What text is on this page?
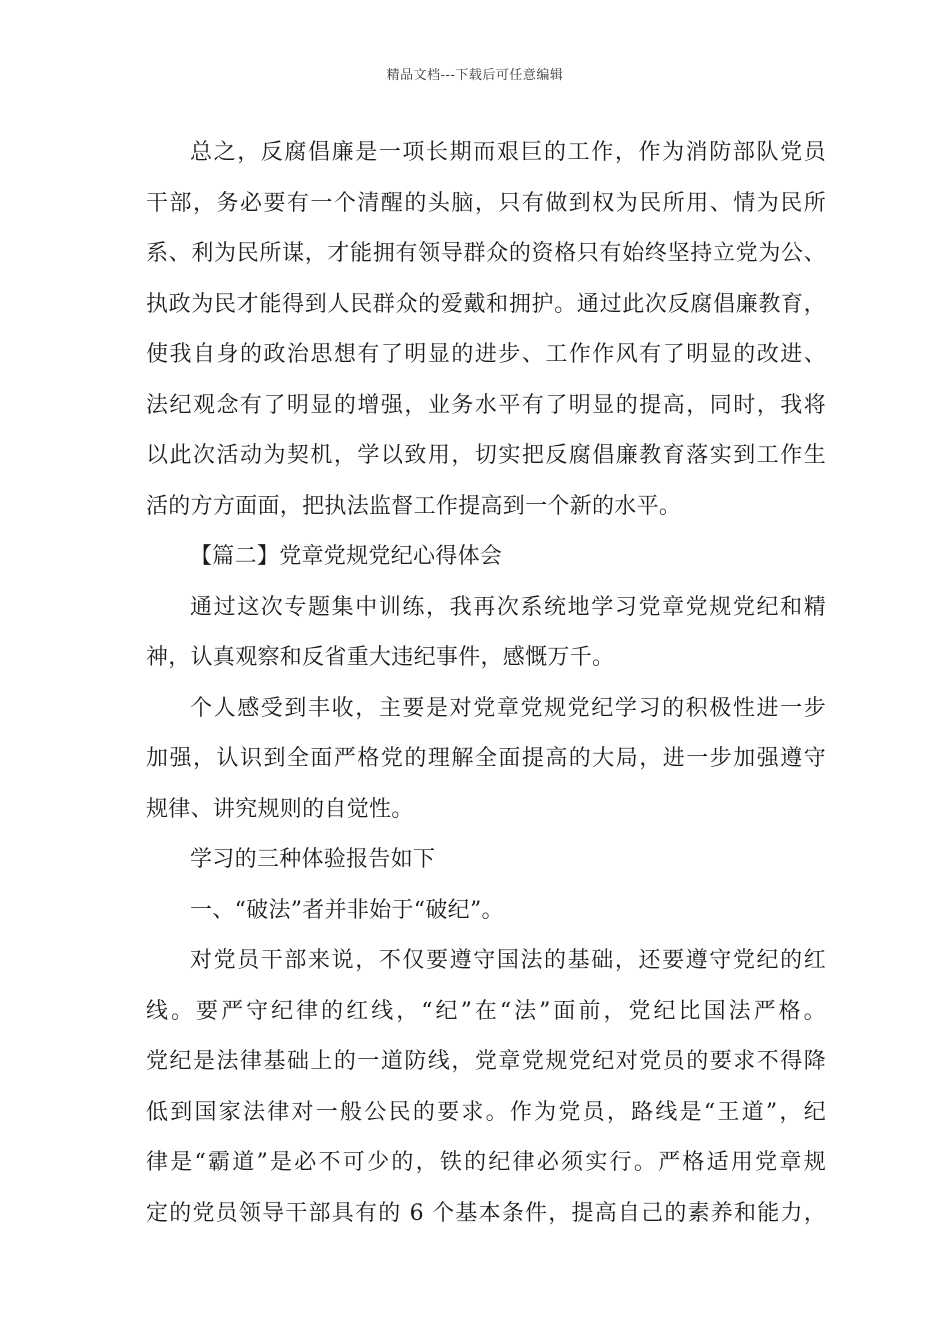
精品文档---下载后可任意编辑
总之，反腐倡廉是一项长期而艰巨的工作，作为消防部队党员
干部，务必要有一个清醒的头脑，只有做到权为民所用、情为民所
系、利为民所谋，才能拥有领导群众的资格只有始终坚持立党为公、
执政为民才能得到人民群众的爱戴和拥护。通过此次反腐倡廉教育，
使我自身的政治思想有了明显的进步、工作作风有了明显的改进、
法纪观念有了明显的增强，业务水平有了明显的提高，同时，我将
以此次活动为契机，学以致用，切实把反腐倡廉教育落实到工作生
活的方方面面，把执法监督工作提高到一个新的水平。
【篇二】党章党规党纪心得体会
通过这次专题集中训练，我再次系统地学习党章党规党纪和精
神，认真观察和反省重大违纪事件，感慨万千。
个人感受到丰收，主要是对党章党规党纪学习的积极性进一步
加强，认识到全面严格党的理解全面提高的大局，进一步加强遵守
规律、讲究规则的自觉性。
学习的三种体验报告如下
一、“破法”者并非始于“破纪”。
对党员干部来说，不仅要遵守国法的基础，还要遵守党纪的红
线。要严守纪律的红线，“纪”在“法”面前，党纪比国法严格。
党纪是法律基础上的一道防线，党章党规党纪对党员的要求不得降
低到国家法律对一般公民的要求。作为党员，路线是“王道”，纪
律是“霸道”是必不可少的，铁的纪律必须实行。严格适用党章规
定的党员领导干部具有的 6 个基本条件，提高自己的素养和能力，
